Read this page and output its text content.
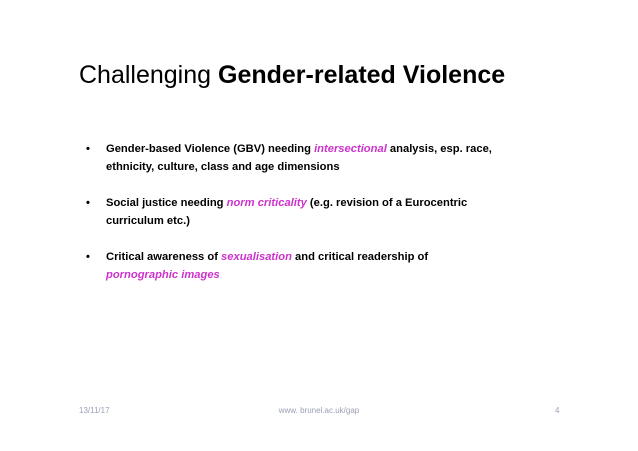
Challenging Gender-related Violence
• Gender-based Violence (GBV) needing intersectional analysis, esp. race, ethnicity, culture, class and age dimensions
• Social justice needing norm criticality (e.g. revision of a Eurocentric curriculum etc.)
• Critical awareness of sexualisation and critical readership of
pornographic images
www. brunel.ac.uk/gap
13/11/17	4
